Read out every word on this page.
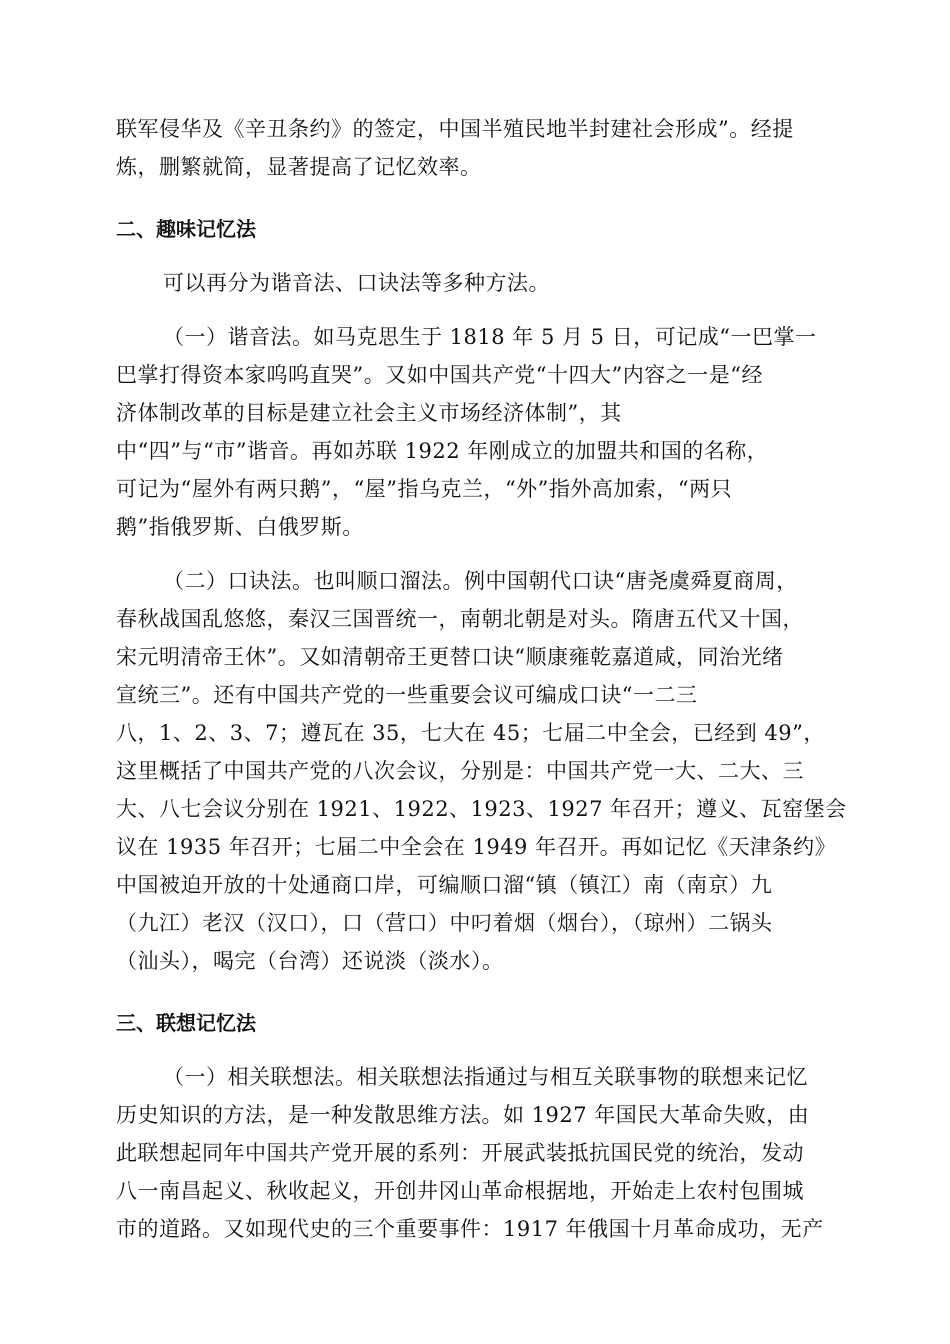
联军侵华及《辛丑条约》的签定，中国半殖民地半封建社会形成”。经提
炼，删繁就简，显著提高了记忆效率。
二、趣味记忆法
可以再分为谐音法、口诀法等多种方法。
（一）谐音法。如马克思生于 1818 年 5 月 5 日，可记成“一巴掌一
巴掌打得资本家呜呜直哭”。又如中国共产党“十四大”内容之一是“经
济体制改革的目标是建立社会主义市场经济体制”，其
中“四”与“市”谐音。再如苏联 1922 年刚成立的加盟共和国的名称，
可记为“屋外有两只鹅”，“屋”指乌克兰，“外”指外高加索，“两只
鹅”指俄罗斯、白俄罗斯。
（二）口诀法。也叫顺口溜法。例中国朝代口诀“唐尧虞舜夏商周，
春秋战国乱悠悠，秦汉三国晋统一，南朝北朝是对头。隋唐五代又十国，
宋元明清帝王休”。又如清朝帝王更替口诀“顺康雍乾嘉道咸，同治光绪
宣统三”。还有中国共产党的一些重要会议可编成口诀“一二三
八，1、2、3、7；遵瓦在 35，七大在 45；七届二中全会，已经到 49”，
这里概括了中国共产党的八次会议，分别是：中国共产党一大、二大、三
大、八七会议分别在 1921、1922、1923、1927 年召开；遵义、瓦窑堡会
议在 1935 年召开；七届二中全会在 1949 年召开。再如记忆《天津条约》
中国被迫开放的十处通商口岸，可编顺口溜“镇（镇江）南（南京）九
（九江）老汉（汉口），口（营口）中叼着烟（烟台），（琼州）二锅头
（汕头），喝完（台湾）还说淡（淡水）。
三、联想记忆法
（一）相关联想法。相关联想法指通过与相互关联事物的联想来记忆
历史知识的方法，是一种发散思维方法。如 1927 年国民大革命失败，由
此联想起同年中国共产党开展的系列：开展武装抵抗国民党的统治，发动
八一南昌起义、秋收起义，开创井冈山革命根据地，开始走上农村包围城
市的道路。又如现代史的三个重要事件：1917 年俄国十月革命成功，无产
